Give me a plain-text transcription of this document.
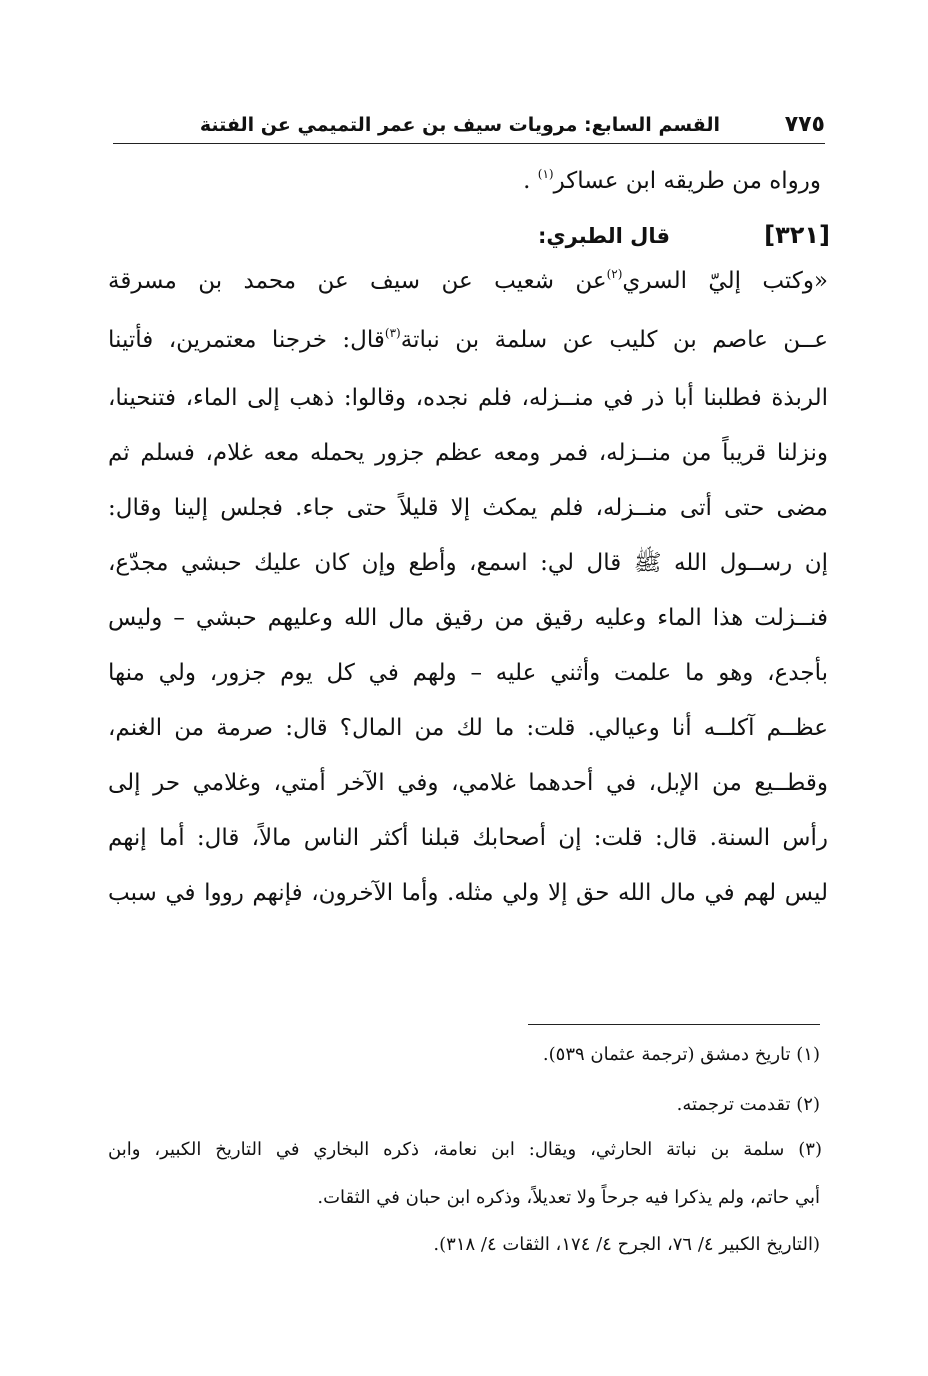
٧٧٥
القسم السابع: مرويات سيف بن عمر التميمي عن الفتنة
ورواه من طريقه ابن عساكر$^{(١)}$ .
[٣٢١]
قال الطبري:
«وكتب إليّ السري$^{(٢)}$عن شعيب عن سيف عن محمد بن مسرقة
عــن عاصم بن كليب عن سلمة بن نباتة$^{(٣)}$قال: خرجنا معتمرين، فأتينا
الربذة فطلبنا أبا ذر في منــزله، فلم نجده، وقالوا: ذهب إلى الماء، فتنحينا،
ونزلنا قريباً من منــزله، فمر ومعه عظم جزور يحمله معه غلام، فسلم ثم
مضى حتى أتى منــزله، فلم يمكث إلا قليلاً حتى جاء. فجلس إلينا وقال:
إن رســول الله ﷺ قال لي: اسمع، وأطع وإن كان عليك حبشي مجدّع،
فنــزلت هذا الماء وعليه رقيق من رقيق مال الله وعليهم حبشي – وليس
بأجدع، وهو ما علمت وأثني عليه – ولهم في كل يوم جزور، ولي منها
عظــم آكلــه أنا وعيالي. قلت: ما لك من المال؟ قال: صرمة من الغنم،
وقطــيع من الإبل، في أحدهما غلامي، وفي الآخر أمتي، وغلامي حر إلى
رأس السنة. قال: قلت: إن أصحابك قبلنا أكثر الناس مالاً، قال: أما إنهم
ليس لهم في مال الله حق إلا ولي مثله. وأما الآخرون، فإنهم رووا في سبب
(١) تاريخ دمشق (ترجمة عثمان ٥٣٩).
(٢) تقدمت ترجمته.
(٣) سلمة بن نباتة الحارثي، ويقال: ابن نعامة، ذكره البخاري في التاريخ الكبير، وابن
أبي حاتم، ولم يذكرا فيه جرحاً ولا تعديلاً، وذكره ابن حبان في الثقات.
(التاريخ الكبير ٤/ ٧٦، الجرح ٤/ ١٧٤، الثقات ٤/ ٣١٨).
